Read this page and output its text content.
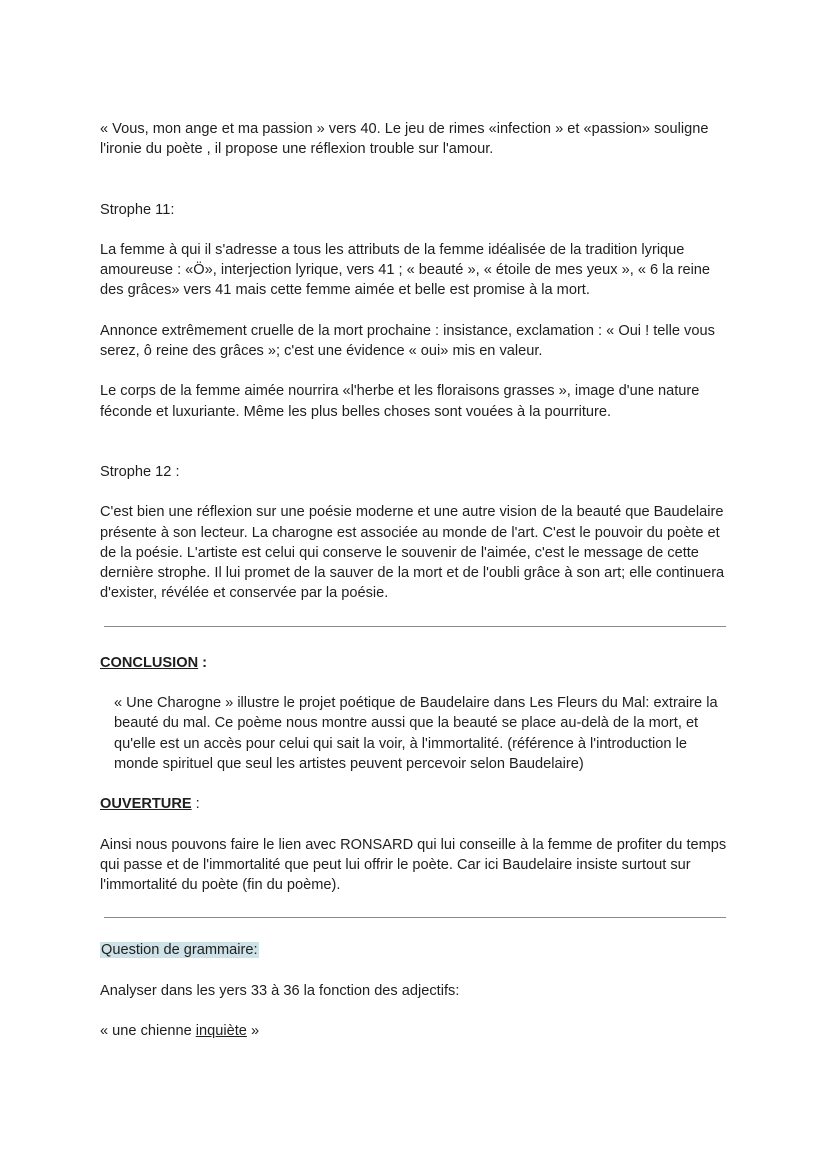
« Vous, mon ange et ma passion » vers 40. Le jeu de rimes «infection » et «passion» souligne l'ironie du poète , il propose une réflexion trouble sur l'amour.

Strophe 11:

La femme à qui il s'adresse a tous les attributs de la femme idéalisée de la tradition lyrique amoureuse : «Ö», interjection lyrique, vers 41 ; « beauté », « étoile de mes yeux », « 6 la reine des grâces» vers 41 mais cette femme aimée et belle est promise à la mort.

Annonce extrêmement cruelle de la mort prochaine : insistance, exclamation : « Oui ! telle vous serez, ô reine des grâces »; c'est une évidence « oui» mis en valeur.

Le corps de la femme aimée nourrira «l'herbe et les floraisons grasses », image d'une nature féconde et luxuriante. Même les plus belles choses sont vouées à la pourriture.

Strophe 12 :

C'est bien une réflexion sur une poésie moderne et une autre vision de la beauté que Baudelaire présente à son lecteur. La charogne est associée au monde de l'art. C'est le pouvoir du poète et de la poésie. L'artiste est celui qui conserve le souvenir de l'aimée, c'est le message de cette dernière strophe. Il lui promet de la sauver de la mort et de l'oubli grâce à son art; elle continuera d'exister, révélée et conservée par la poésie.

CONCLUSION :

« Une Charogne » illustre le projet poétique de Baudelaire dans Les Fleurs du Mal: extraire la beauté du mal. Ce poème nous montre aussi que la beauté se place au-delà de la mort, et qu'elle est un accès pour celui qui sait la voir, à l'immortalité. (référence à l'introduction le monde spirituel que seul les artistes peuvent percevoir selon Baudelaire)

OUVERTURE :

Ainsi nous pouvons faire le lien avec RONSARD qui lui conseille à la femme de profiter du temps qui passe et de l'immortalité que peut lui offrir le poète. Car ici Baudelaire insiste surtout sur l'immortalité du poète (fin du poème).

Question de grammaire:

Analyser dans les yers 33 à 36 la fonction des adjectifs:

« une chienne inquiète »
